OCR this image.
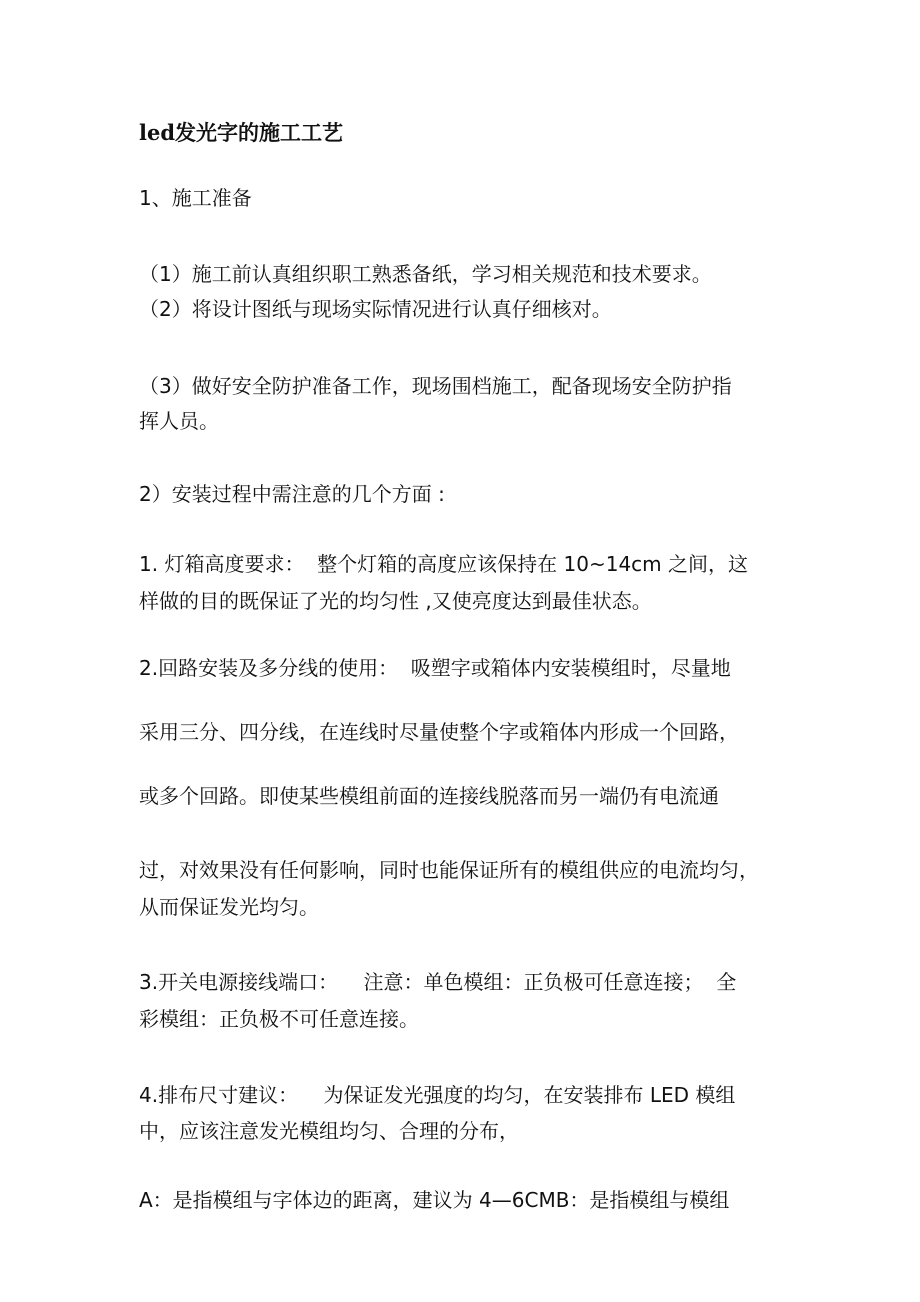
led发光字的施工工艺
1、施工准备
（1）施工前认真组织职工熟悉备纸，学习相关规范和技术要求。
（2）将设计图纸与现场实际情况进行认真仔细核对。
（3）做好安全防护准备工作，现场围档施工，配备现场安全防护指
挥人员。
2）安装过程中需注意的几个方面 :
1. 灯箱高度要求：  整个灯箱的高度应该保持在 10~14cm 之间，这
样做的目的既保证了光的均匀性 ,又使亮度达到最佳状态。
2.回路安装及多分线的使用：  吸塑字或箱体内安装模组时，尽量地
采用三分、四分线，在连线时尽量使整个字或箱体内形成一个回路，
或多个回路。即使某些模组前面的连接线脱落而另一端仍有电流通
过，对效果没有任何影响，同时也能保证所有的模组供应的电流均匀，
从而保证发光均匀。
3.开关电源接线端口：    注意：单色模组：正负极可任意连接；  全
彩模组：正负极不可任意连接。
4.排布尺寸建议：    为保证发光强度的均匀，在安装排布 LED 模组
中，应该注意发光模组均匀、合理的分布，
A：是指模组与字体边的距离，建议为 4—6CMB：是指模组与模组
